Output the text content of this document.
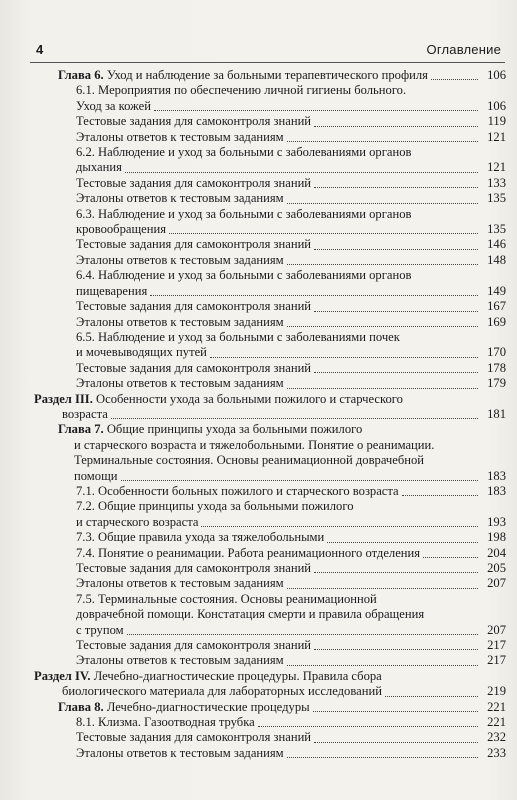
4	Оглавление
Глава 6. Уход и наблюдение за больными терапевтического профиля	106
6.1. Мероприятия по обеспечению личной гигиены больного.
Уход за кожей	106
Тестовые задания для самоконтроля знаний	119
Эталоны ответов к тестовым заданиям	121
6.2. Наблюдение и уход за больными с заболеваниями органов
дыхания	121
Тестовые задания для самоконтроля знаний	133
Эталоны ответов к тестовым заданиям	135
6.3. Наблюдение и уход за больными с заболеваниями органов
кровообращения	135
Тестовые задания для самоконтроля знаний	146
Эталоны ответов к тестовым заданиям	148
6.4. Наблюдение и уход за больными с заболеваниями органов
пищеварения	149
Тестовые задания для самоконтроля знаний	167
Эталоны ответов к тестовым заданиям	169
6.5. Наблюдение и уход за больными с заболеваниями почек
и мочевыводящих путей	170
Тестовые задания для самоконтроля знаний	178
Эталоны ответов к тестовым заданиям	179
Раздел III. Особенности ухода за больными пожилого и старческого
возраста	181
Глава 7. Общие принципы ухода за больными пожилого
и старческого возраста и тяжелобольными. Понятие о реанимации.
Терминальные состояния. Основы реанимационной доврачебной
помощи	183
7.1. Особенности больных пожилого и старческого возраста	183
7.2. Общие принципы ухода за больными пожилого
и старческого возраста	193
7.3. Общие правила ухода за тяжелобольными	198
7.4. Понятие о реанимации. Работа реанимационного отделения	204
Тестовые задания для самоконтроля знаний	205
Эталоны ответов к тестовым заданиям	207
7.5. Терминальные состояния. Основы реанимационной
доврачебной помощи. Констатация смерти и правила обращения
с трупом	207
Тестовые задания для самоконтроля знаний	217
Эталоны ответов к тестовым заданиям	217
Раздел IV. Лечебно-диагностические процедуры. Правила сбора
биологического материала для лабораторных исследований	219
Глава 8. Лечебно-диагностические процедуры	221
8.1. Клизма. Газоотводная трубка	221
Тестовые задания для самоконтроля знаний	232
Эталоны ответов к тестовым заданиям	233
